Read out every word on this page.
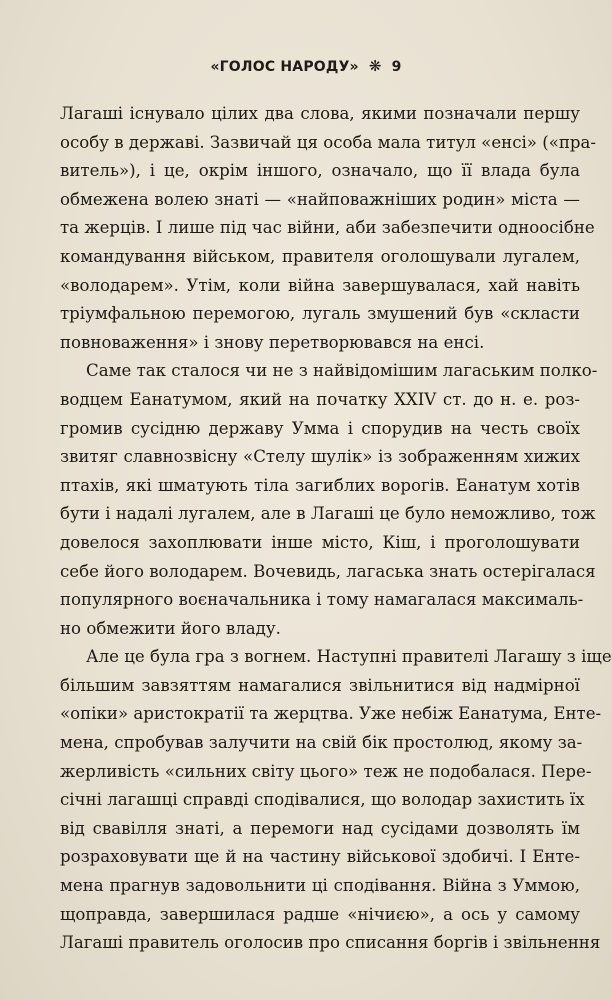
«ГОЛОС НАРОДУ» ❋ 9

Лагаші існувало цілих два слова, якими позначали першу
особу в державі. Зазвичай ця особа мала титул «енсі» («пра-
витель»), і це, окрім іншого, означало, що її влада була
обмежена волею знаті — «найповажніших родин» міста —
та жерців. І лише під час війни, аби забезпечити одноосібне
командування військом, правителя оголошували лугалем,
«володарем». Утім, коли війна завершувалася, хай навіть
тріумфальною перемогою, лугаль змушений був «скласти
повноваження» і знову перетворювався на енсі.

Саме так сталося чи не з найвідомішим лагаським полко-
водцем Еанатумом, який на початку XXIV ст. до н. е. роз-
громив сусідню державу Умма і спорудив на честь своїх
звитяг славнозвісну «Стелу шулік» із зображенням хижих
птахів, які шматують тіла загиблих ворогів. Еанатум хотів
бути і надалі лугалем, але в Лагаші це було неможливо, тож
довелося захоплювати інше місто, Кіш, і проголошувати
себе його володарем. Вочевидь, лагаська знать остерігалася
популярного воєначальника і тому намагалася максималь-
но обмежити його владу.

Але це була гра з вогнем. Наступні правителі Лагашу з іще
більшим завзяттям намагалися звільнитися від надмірної
«опіки» аристократії та жерцтва. Уже небіж Еанатума, Енте-
мена, спробував залучити на свій бік простолюд, якому за-
жерливість «сильних світу цього» теж не подобалася. Пере-
січні лагашці справді сподівалися, що володар захистить їх
від свавілля знаті, а перемоги над сусідами дозволять їм
розраховувати ще й на частину військової здобичі. І Енте-
мена прагнув задовольнити ці сподівання. Війна з Уммою,
щоправда, завершилася радше «нічиєю», а ось у самому
Лагаші правитель оголосив про списання боргів і звільнення
